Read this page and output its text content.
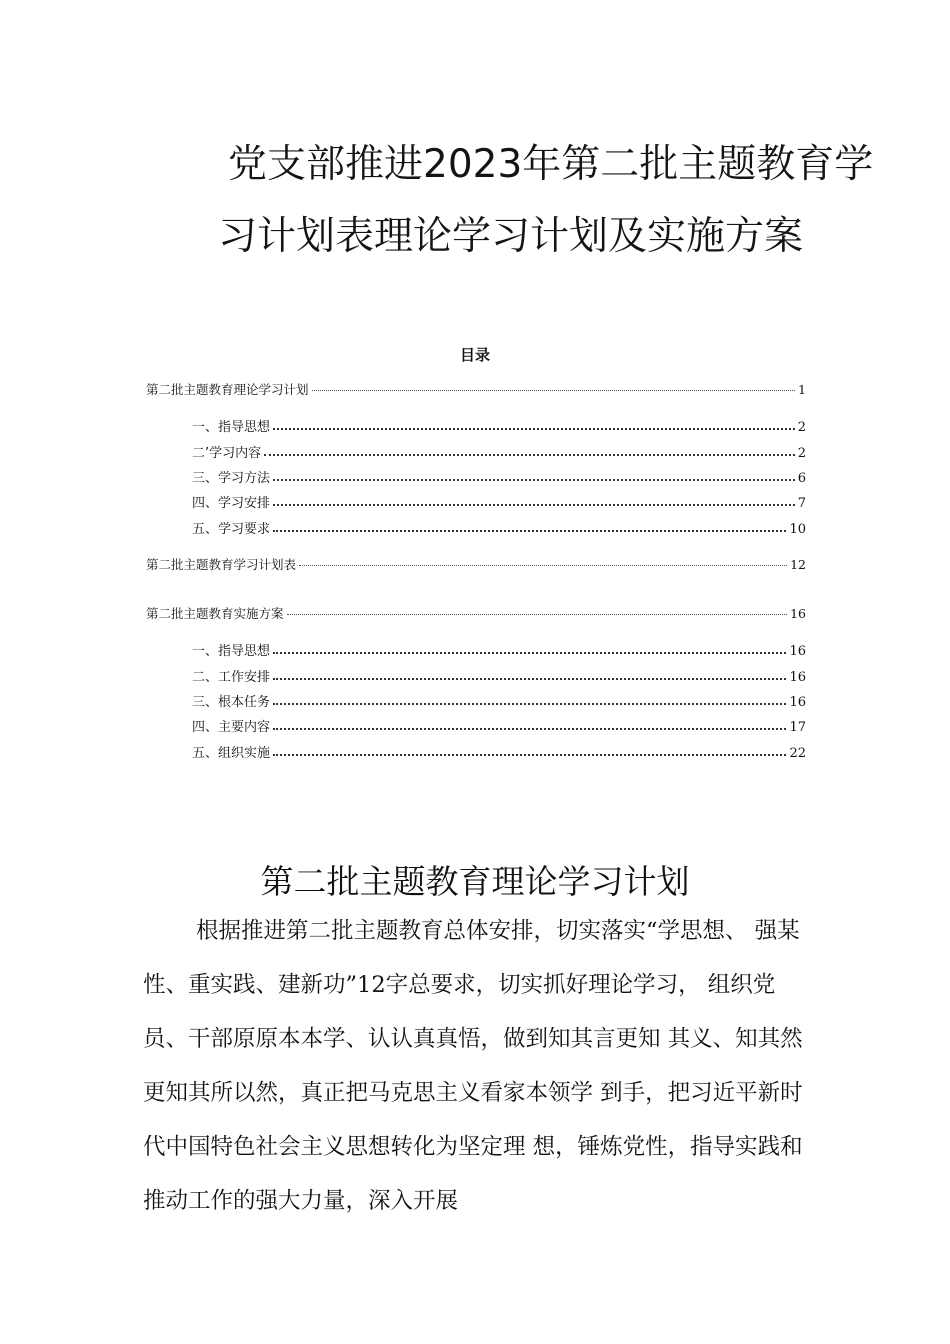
党支部推进2023年第二批主题教育学
习计划表理论学习计划及实施方案
目录
第二批主题教育理论学习计划	1
一、指导思想	2
二’学习内容	2
三、学习方法	6
四、学习安排	7
五、学习要求	10
第二批主题教育学习计划表	12
第二批主题教育实施方案	16
一、指导思想	16
二、工作安排	16
三、根本任务	16
四、主要内容	17
五、组织实施	22
第二批主题教育理论学习计划
根据推进第二批主题教育总体安排，切实落实“学思想、 强某
性、重实践、建新功”12字总要求，切实抓好理论学习， 组织党
员、干部原原本本学、认认真真悟，做到知其言更知 其义、知其然
更知其所以然，真正把马克思主义看家本领学 到手，把习近平新时
代中国特色社会主义思想转化为坚定理 想，锤炼党性，指导实践和
推动工作的强大力量，深入开展
